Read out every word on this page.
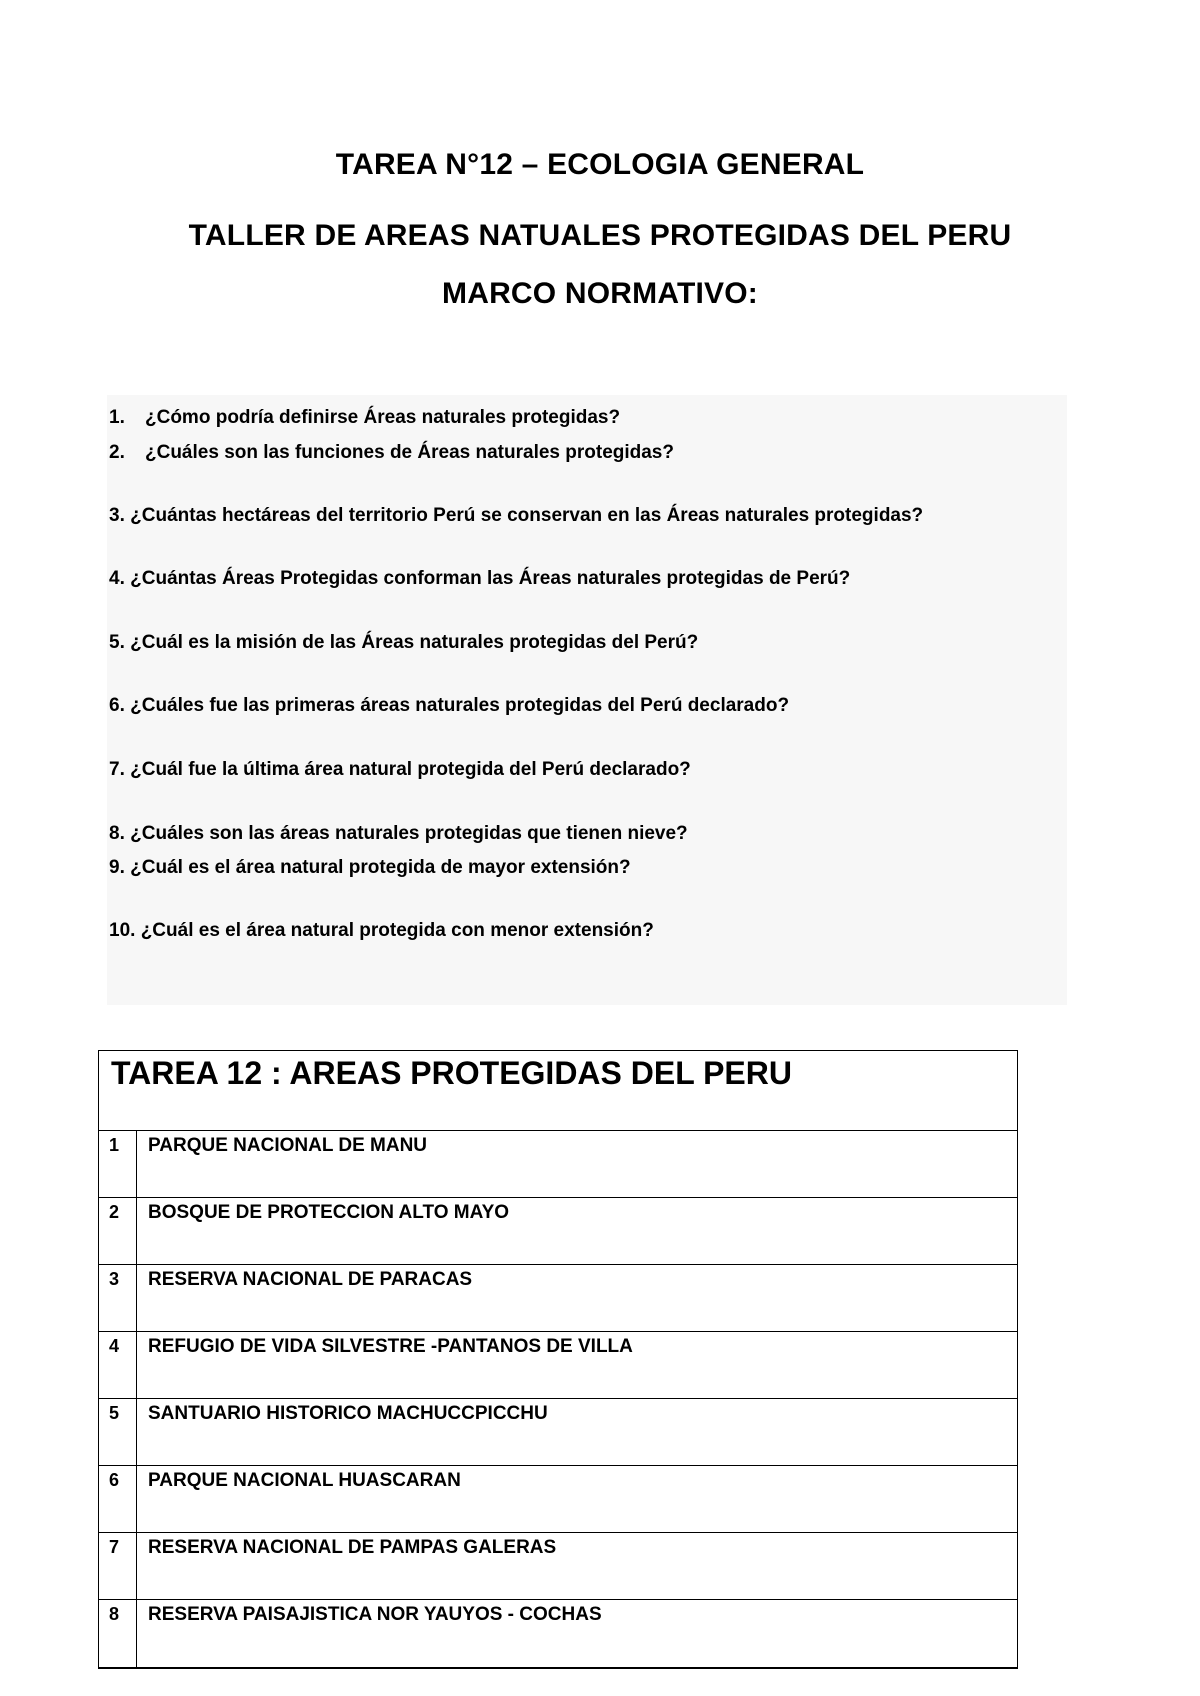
TAREA N°12 – ECOLOGIA GENERAL
TALLER DE AREAS NATUALES PROTEGIDAS DEL PERU
MARCO NORMATIVO:
1. ¿Cómo podría definirse Áreas naturales protegidas?
2. ¿Cuáles son las funciones de Áreas naturales protegidas?
3. ¿Cuántas hectáreas del territorio Perú se conservan en las Áreas naturales protegidas?
4. ¿Cuántas Áreas Protegidas conforman las Áreas naturales protegidas de Perú?
5. ¿Cuál es la misión de las Áreas naturales protegidas del Perú?
6. ¿Cuáles fue las primeras áreas naturales protegidas del Perú declarado?
7. ¿Cuál fue la última área natural protegida del Perú declarado?
8. ¿Cuáles son las áreas naturales protegidas que tienen nieve?
9. ¿Cuál es el área natural protegida de mayor extensión?
10. ¿Cuál es el área natural protegida con menor extensión?
TAREA 12 : AREAS PROTEGIDAS DEL PERU
1	PARQUE NACIONAL DE MANU
2	BOSQUE DE PROTECCION ALTO MAYO
3	RESERVA NACIONAL DE PARACAS
4	REFUGIO DE VIDA SILVESTRE -PANTANOS DE VILLA
5	SANTUARIO HISTORICO MACHUCCPICCHU
6	PARQUE NACIONAL HUASCARAN
7	RESERVA NACIONAL DE PAMPAS GALERAS
8	RESERVA PAISAJISTICA NOR YAUYOS - COCHAS
